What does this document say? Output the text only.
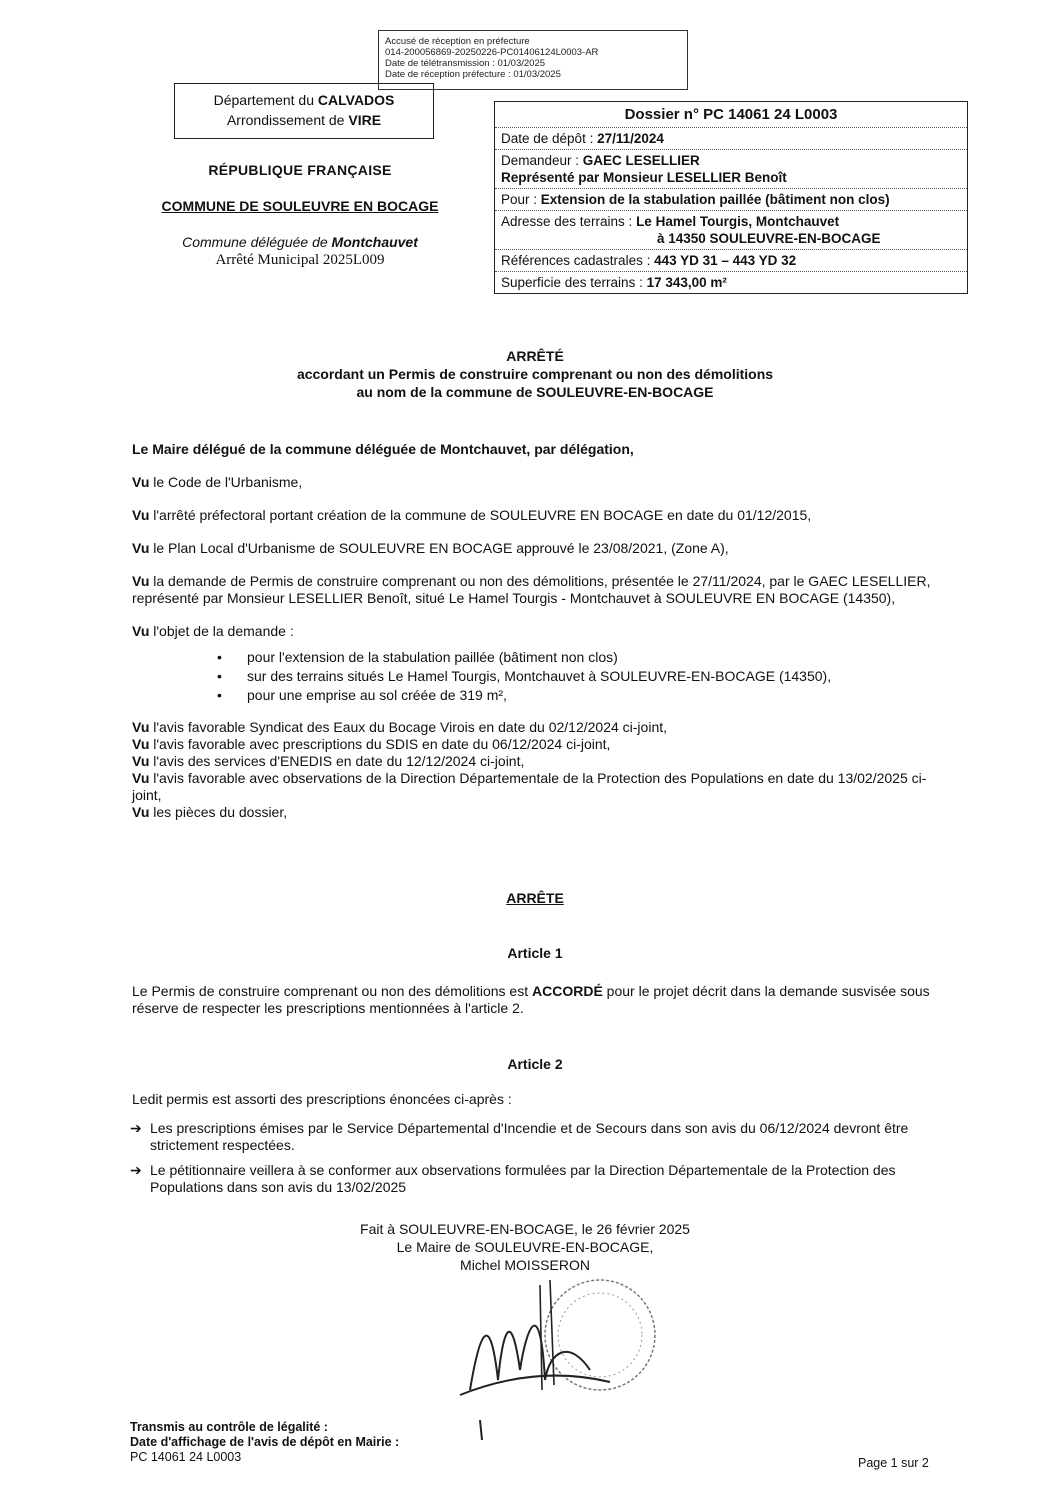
Accusé de réception en préfecture
014-200056869-20250226-PC01406124L0003-AR
Date de télétransmission : 01/03/2025
Date de réception préfecture : 01/03/2025
Département du CALVADOS
Arrondissement de VIRE
RÉPUBLIQUE FRANÇAISE
COMMUNE DE SOULEUVRE EN BOCAGE
Commune déléguée de Montchauvet
Arrêté Municipal 2025L009
Dossier n° PC 14061 24 L0003
Date de dépôt : 27/11/2024
Demandeur : GAEC LESELLIER
Représenté par Monsieur LESELLIER Benoît
Pour : Extension de la stabulation paillée (bâtiment non clos)
Adresse des terrains : Le Hamel Tourgis, Montchauvet
à 14350 SOULEUVRE-EN-BOCAGE
Références cadastrales : 443 YD 31 – 443 YD 32
Superficie des terrains : 17 343,00 m²
ARRÊTÉ
accordant un Permis de construire comprenant ou non des démolitions
au nom de la commune de SOULEUVRE-EN-BOCAGE

Le Maire délégué de la commune déléguée de Montchauvet, par délégation,

Vu le Code de l'Urbanisme,

Vu l'arrêté préfectoral portant création de la commune de SOULEUVRE EN BOCAGE en date du 01/12/2015,

Vu le Plan Local d'Urbanisme de SOULEUVRE EN BOCAGE approuvé le 23/08/2021, (Zone A),

Vu la demande de Permis de construire comprenant ou non des démolitions, présentée le 27/11/2024, par le GAEC LESELLIER, représenté par Monsieur LESELLIER Benoît, situé Le Hamel Tourgis - Montchauvet à SOULEUVRE EN BOCAGE (14350),

Vu l'objet de la demande :

• pour l'extension de la stabulation paillée (bâtiment non clos)
• sur des terrains situés Le Hamel Tourgis, Montchauvet à SOULEUVRE-EN-BOCAGE (14350),
• pour une emprise au sol créée de 319 m²,

Vu l'avis favorable Syndicat des Eaux du Bocage Virois en date du 02/12/2024 ci-joint,

Vu l'avis favorable avec prescriptions du SDIS en date du 06/12/2024 ci-joint,

Vu l'avis des services d'ENEDIS en date du 12/12/2024 ci-joint,

Vu l'avis favorable avec observations de la Direction Départementale de la Protection des Populations en date du 13/02/2025 ci-joint,

Vu les pièces du dossier,

ARRÊTE
Article 1
Le Permis de construire comprenant ou non des démolitions est ACCORDÉ pour le projet décrit dans la demande susvisée sous réserve de respecter les prescriptions mentionnées à l'article 2.
Article 2
Ledit permis est assorti des prescriptions énoncées ci-après :
➔ Les prescriptions émises par le Service Départemental d'Incendie et de Secours dans son avis du 06/12/2024 devront être strictement respectées.
➔ Le pétitionnaire veillera à se conformer aux observations formulées par la Direction Départementale de la Protection des Populations dans son avis du 13/02/2025
Fait à SOULEUVRE-EN-BOCAGE, le 26 février 2025
Le Maire de SOULEUVRE-EN-BOCAGE,
Michel MOISSERON
Transmis au contrôle de légalité :
Date d'affichage de l'avis de dépôt en Mairie :
PC 14061 24 L0003	Page 1 sur 2
